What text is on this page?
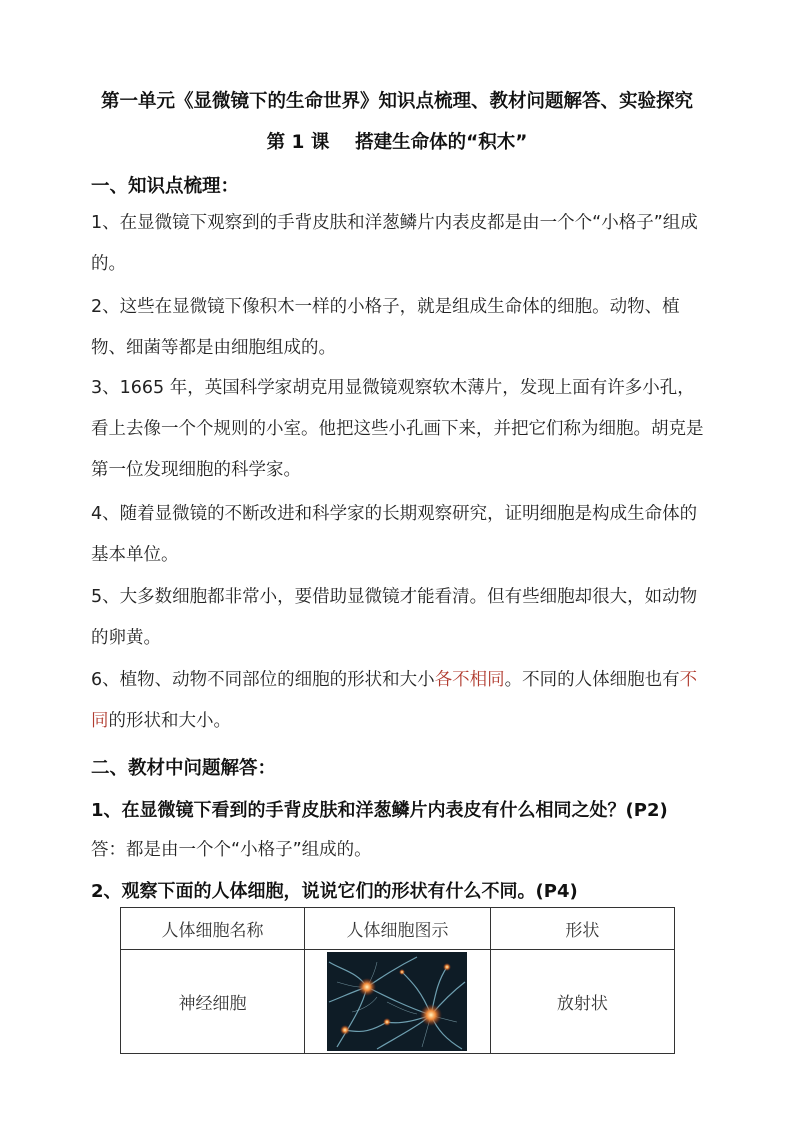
第一单元《显微镜下的生命世界》知识点梳理、教材问题解答、实验探究
第 1 课    搭建生命体的“积木”
一、知识点梳理：
1、在显微镜下观察到的手背皮肤和洋葱鳞片内表皮都是由一个个“小格子”组成的。
2、这些在显微镜下像积木一样的小格子，就是组成生命体的细胞。动物、植物、细菌等都是由细胞组成的。
3、1665 年，英国科学家胡克用显微镜观察软木薄片，发现上面有许多小孔，看上去像一个个规则的小室。他把这些小孔画下来，并把它们称为细胞。胡克是第一位发现细胞的科学家。
4、随着显微镜的不断改进和科学家的长期观察研究，证明细胞是构成生命体的基本单位。
5、大多数细胞都非常小，要借助显微镜才能看清。但有些细胞却很大，如动物的卵黄。
6、植物、动物不同部位的细胞的形状和大小各不相同。不同的人体细胞也有不同的形状和大小。
二、教材中问题解答：
1、在显微镜下看到的手背皮肤和洋葱鳞片内表皮有什么相同之处？(P2)
答：都是由一个个“小格子”组成的。
2、观察下面的人体细胞，说说它们的形状有什么不同。(P4)
人体细胞名称	人体细胞图示	形状
神经细胞		放射状
